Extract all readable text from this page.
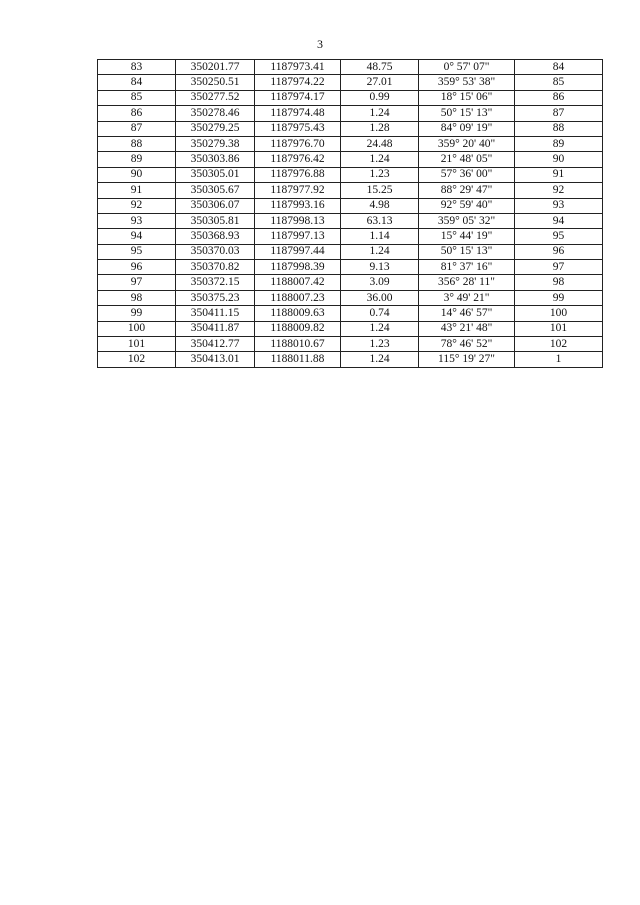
3
83	350201.77	1187973.41	48.75	0° 57' 07"	84
84	350250.51	1187974.22	27.01	359° 53' 38"	85
85	350277.52	1187974.17	0.99	18° 15' 06"	86
86	350278.46	1187974.48	1.24	50° 15' 13"	87
87	350279.25	1187975.43	1.28	84° 09' 19"	88
88	350279.38	1187976.70	24.48	359° 20' 40"	89
89	350303.86	1187976.42	1.24	21° 48' 05"	90
90	350305.01	1187976.88	1.23	57° 36' 00"	91
91	350305.67	1187977.92	15.25	88° 29' 47"	92
92	350306.07	1187993.16	4.98	92° 59' 40"	93
93	350305.81	1187998.13	63.13	359° 05' 32"	94
94	350368.93	1187997.13	1.14	15° 44' 19"	95
95	350370.03	1187997.44	1.24	50° 15' 13"	96
96	350370.82	1187998.39	9.13	81° 37' 16"	97
97	350372.15	1188007.42	3.09	356° 28' 11"	98
98	350375.23	1188007.23	36.00	3° 49' 21"	99
99	350411.15	1188009.63	0.74	14° 46' 57"	100
100	350411.87	1188009.82	1.24	43° 21' 48"	101
101	350412.77	1188010.67	1.23	78° 46' 52"	102
102	350413.01	1188011.88	1.24	115° 19' 27"	1
